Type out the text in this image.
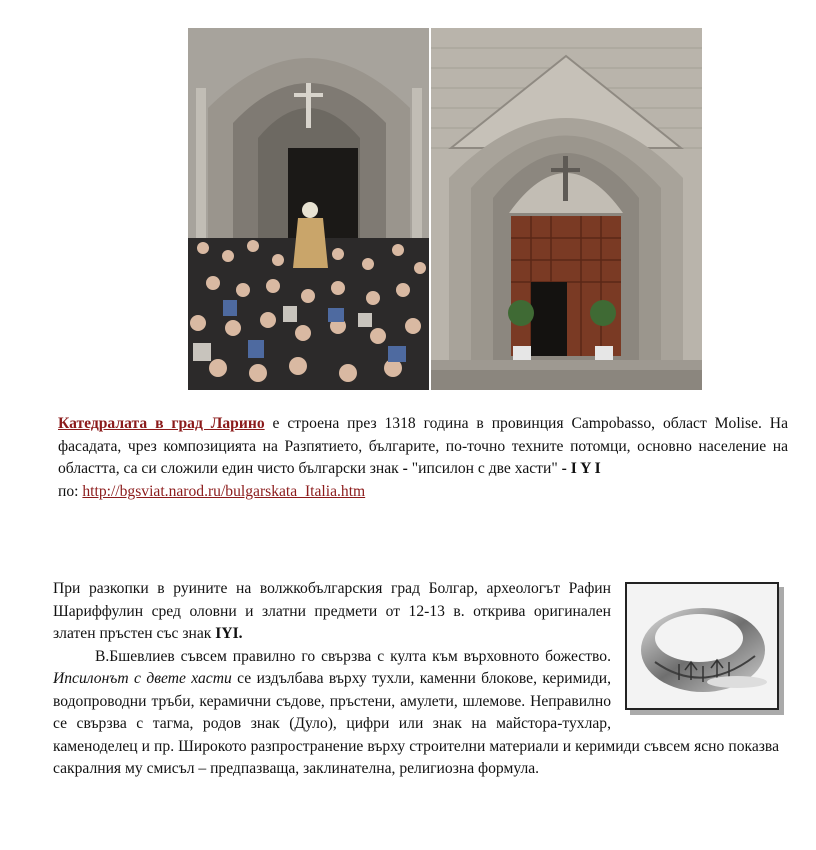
Катедралата в град Ларино е строена през 1318 година в провинция Campobasso, област Molise. На фасадата, чрез композицията на Разпятието, българите, по-точно техните потомци, основно население на областта, са си сложили един чисто български знак - "ипсилон с две хасти" - I Y I
по: http://bgsviat.narod.ru/bulgarskata_Italia.htm
При разкопки в руините на волжкобългарския град Болгар, археологът Рафин Шариффулин сред оловни и златни предмети от 12-13 в. открива оригинален златен пръстен със знак IYI.
В.Бшевлиев съвсем правилно го свързва с култа към върховното божество. Ипсилонът с двете хасти се издълбава върху тухли, каменни блокове, керимиди, водопроводни тръби, керамични съдове, пръстени, амулети, шлемове. Неправилно се свързва с тагма, родов знак (Дуло), цифри или знак на майстора-тухлар, каменоделец и пр. Широкото разпространение върху строителни материали и керимиди съвсем ясно показва сакралния му смисъл – предпазваща, заклинателна, религиозна формула.
